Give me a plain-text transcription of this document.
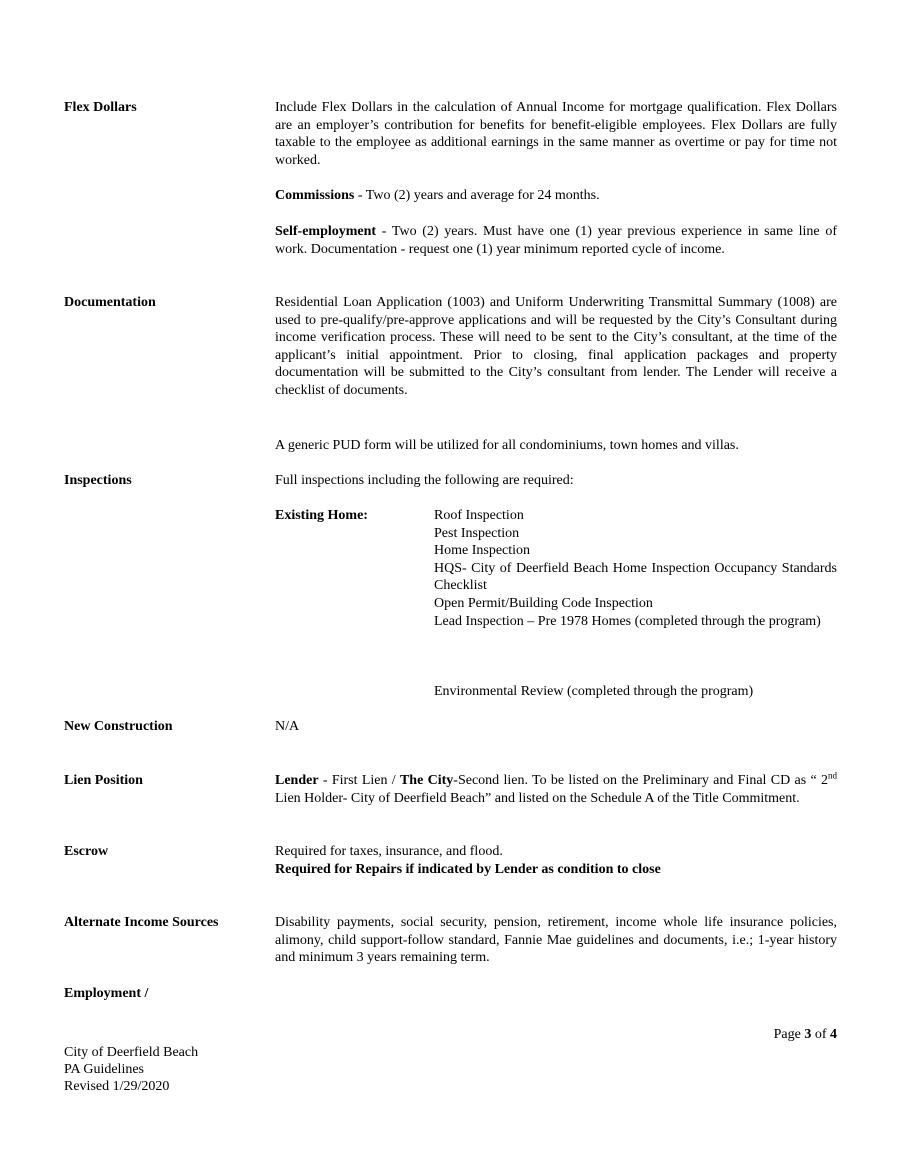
Flex Dollars	Include Flex Dollars in the calculation of Annual Income for mortgage qualification. Flex Dollars are an employer’s contribution for benefits for benefit-eligible employees. Flex Dollars are fully taxable to the employee as additional earnings in the same manner as overtime or pay for time not worked.

Commissions - Two (2) years and average for 24 months.
Self-employment - Two (2) years. Must have one (1) year previous experience in same line of work. Documentation - request one (1) year minimum reported cycle of income.
Documentation	Residential Loan Application (1003) and Uniform Underwriting Transmittal Summary (1008) are used to pre-qualify/pre-approve applications and will be requested by the City’s Consultant during income verification process. These will need to be sent to the City’s consultant, at the time of the applicant’s initial appointment. Prior to closing, final application packages and property documentation will be submitted to the City’s consultant from lender. The Lender will receive a checklist of documents.

A generic PUD form will be utilized for all condominiums, town homes and villas.
Inspections	Full inspections including the following are required:
Existing Home:	Roof Inspection
Pest Inspection
Home Inspection
HQS- City of Deerfield Beach Home Inspection Occupancy Standards Checklist
Open Permit/Building Code Inspection
Lead Inspection – Pre 1978 Homes (completed through the program)
Environmental Review (completed through the program)
New Construction	N/A
Lien Position	Lender - First Lien / The City-Second lien. To be listed on the Preliminary and Final CD as “ 2nd Lien Holder- City of Deerfield Beach” and listed on the Schedule A of the Title Commitment.
Escrow	Required for taxes, insurance, and flood.
Required for Repairs if indicated by Lender as condition to close
Alternate Income Sources	Disability payments, social security, pension, retirement, income whole life insurance policies, alimony, child support-follow standard, Fannie Mae guidelines and documents, i.e.; 1-year history and minimum 3 years remaining term.

Employment /
Page 3 of 4
City of Deerfield Beach
PA Guidelines
Revised 1/29/2020
